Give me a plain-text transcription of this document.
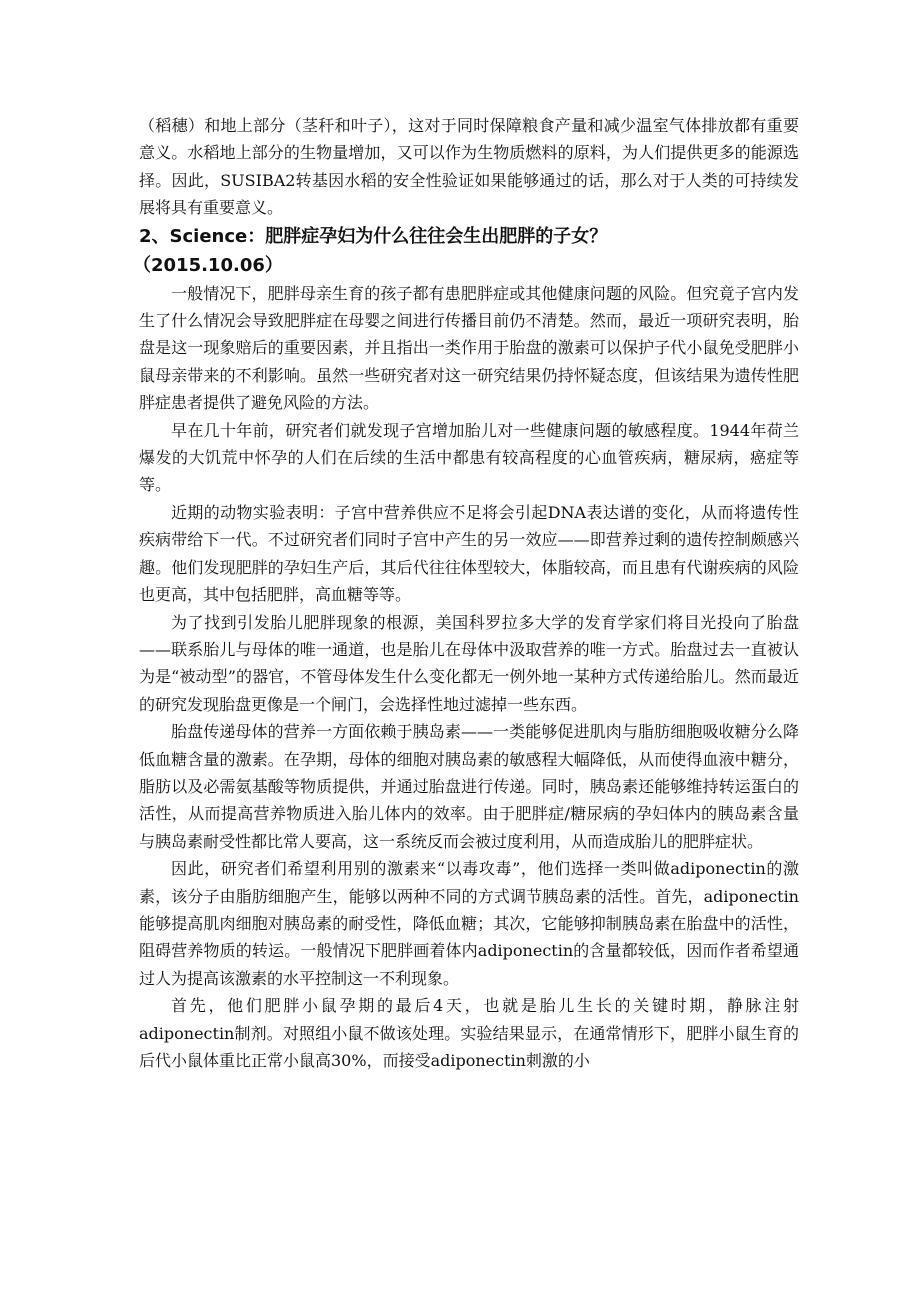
（稻穗）和地上部分（茎秆和叶子），这对于同时保障粮食产量和减少温室气体排放都有重要意义。水稻地上部分的生物量增加，又可以作为生物质燃料的原料，为人们提供更多的能源选择。因此，SUSIBA2转基因水稻的安全性验证如果能够通过的话，那么对于人类的可持续发展将具有重要意义。

2、Science：肥胖症孕妇为什么往往会生出肥胖的子女？
（2015.10.06）

一般情况下，肥胖母亲生育的孩子都有患肥胖症或其他健康问题的风险。但究竟子宫内发生了什么情况会导致肥胖症在母婴之间进行传播目前仍不清楚。然而，最近一项研究表明，胎盘是这一现象赔后的重要因素，并且指出一类作用于胎盘的激素可以保护子代小鼠免受肥胖小鼠母亲带来的不利影响。虽然一些研究者对这一研究结果仍持怀疑态度，但该结果为遗传性肥胖症患者提供了避免风险的方法。

早在几十年前，研究者们就发现子宫增加胎儿对一些健康问题的敏感程度。1944年荷兰爆发的大饥荒中怀孕的人们在后续的生活中都患有较高程度的心血管疾病，糖尿病，癌症等等。

近期的动物实验表明：子宫中营养供应不足将会引起DNA表达谱的变化，从而将遗传性疾病带给下一代。不过研究者们同时子宫中产生的另一效应——即营养过剩的遗传控制颇感兴趣。他们发现肥胖的孕妇生产后，其后代往往体型较大，体脂较高，而且患有代谢疾病的风险也更高，其中包括肥胖，高血糖等等。

为了找到引发胎儿肥胖现象的根源，美国科罗拉多大学的发育学家们将目光投向了胎盘——联系胎儿与母体的唯一通道，也是胎儿在母体中汲取营养的唯一方式。胎盘过去一直被认为是“被动型”的器官，不管母体发生什么变化都无一例外地一某种方式传递给胎儿。然而最近的研究发现胎盘更像是一个闸门，会选择性地过滤掉一些东西。

胎盘传递母体的营养一方面依赖于胰岛素——一类能够促进肌肉与脂肪细胞吸收糖分么降低血糖含量的激素。在孕期，母体的细胞对胰岛素的敏感程大幅降低，从而使得血液中糖分，脂肪以及必需氨基酸等物质提供，并通过胎盘进行传递。同时，胰岛素还能够维持转运蛋白的活性，从而提高营养物质进入胎儿体内的效率。由于肥胖症/糖尿病的孕妇体内的胰岛素含量与胰岛素耐受性都比常人要高，这一系统反而会被过度利用，从而造成胎儿的肥胖症状。

因此，研究者们希望利用别的激素来“以毒攻毒”，他们选择一类叫做adiponectin的激素，该分子由脂肪细胞产生，能够以两种不同的方式调节胰岛素的活性。首先，adiponectin能够提高肌肉细胞对胰岛素的耐受性，降低血糖；其次，它能够抑制胰岛素在胎盘中的活性，阻碍营养物质的转运。一般情况下肥胖画着体内adiponectin的含量都较低，因而作者希望通过人为提高该激素的水平控制这一不利现象。

首先，他们肥胖小鼠孕期的最后4天，也就是胎儿生长的关键时期，静脉注射adiponectin制剂。对照组小鼠不做该处理。实验结果显示，在通常情形下，肥胖小鼠生育的后代小鼠体重比正常小鼠高30%，而接受adiponectin刺激的小
